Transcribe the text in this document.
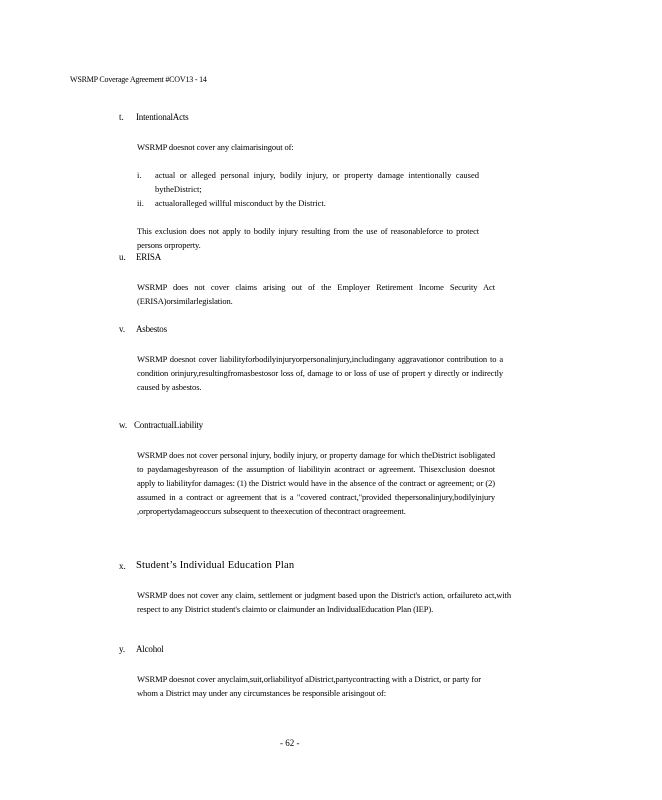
WSRMP Coverage Agreement #COV13 - 14
t. IntentionalActs
WSRMP doesnot cover any claimarisingout of:
i. actual or alleged personal injury, bodily injury, or property damage intentionally caused bytheDistrict;
ii. actualoralleged willful misconduct by the District.
This exclusion does not apply to bodily injury resulting from the use of reasonableforce to protect persons orproperty.
u. ERISA
WSRMP does not cover claims arising out of the Employer Retirement Income Security Act (ERISA)orsimilarlegislation.
v. Asbestos
WSRMP doesnot cover liabilityforbodilyinjuryorpersonalinjury,includingany aggravationor contribution to a condition orinjury,resultingfromasbestosor loss of, damage to or loss of use of propert y directly or indirectly caused by asbestos.
w. ContractualLiability
WSRMP does not cover personal injury, bodily injury, or property damage for which theDistrict isobligated to paydamagesbyreason of the assumption of liabilityin acontract or agreement. Thisexclusion doesnot apply to liabilityfor damages: (1) the District would have in the absence of the contract or agreement; or (2) assumed in a contract or agreement that is a "covered contract,"provided thepersonalinjury,bodilyinjury ,orpropertydamageoccurs subsequent to theexecution of thecontract oragreement.
x. Student’s Individual Education Plan
WSRMP does not cover any claim, settlement or judgment based upon the District's action, orfailureto act,with respect to any District student's claimto or claimunder an IndividualEducation Plan (IEP).
y. Alcohol
WSRMP doesnot cover anyclaim,suit,orliabilityof aDistrict,partycontracting with a District, or party for whom a District may under any circumstances be responsible arisingout of:
- 62 -
